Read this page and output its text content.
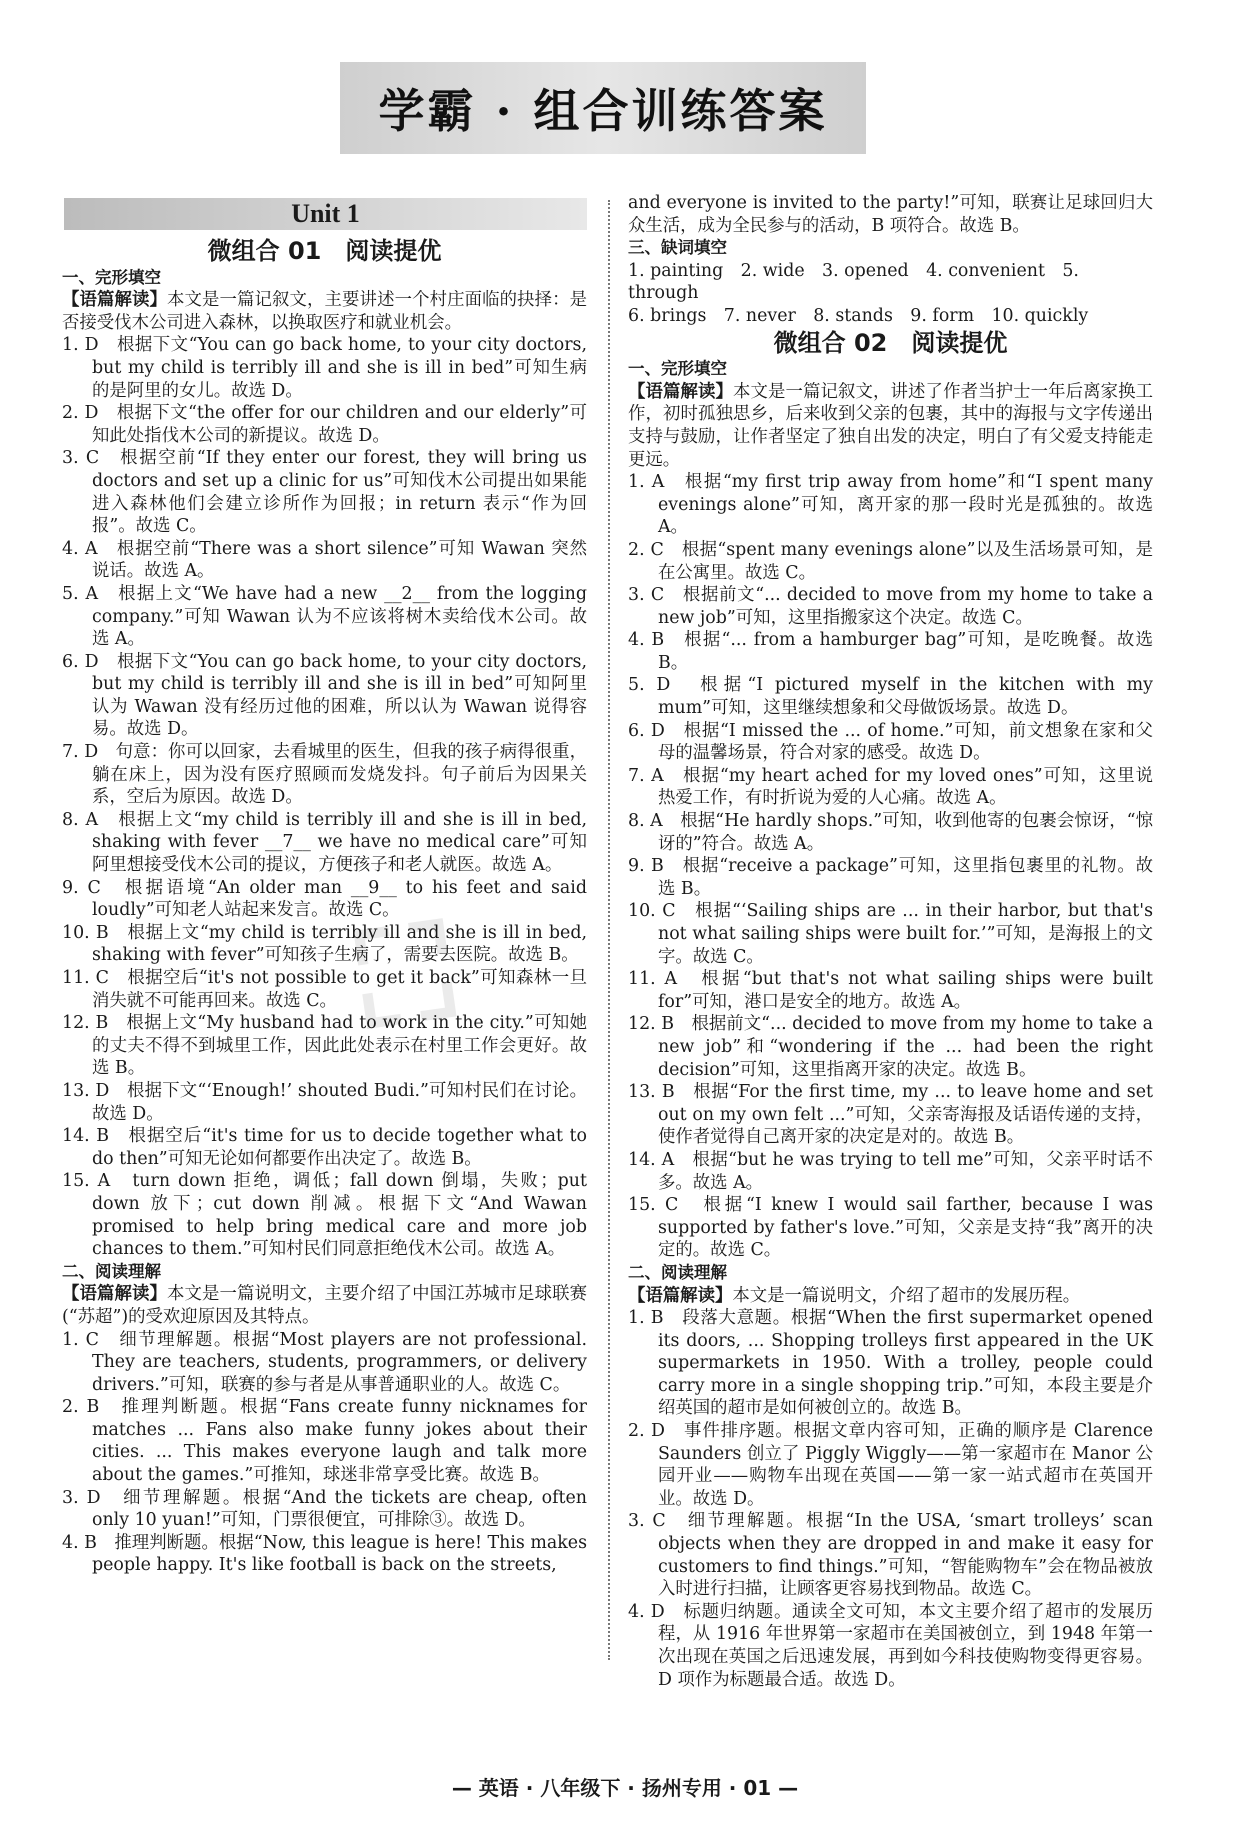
学霸 · 组合训练答案
Unit 1
微组合 01　阅读提优

一、完形填空

【语篇解读】本文是一篇记叙文，主要讲述一个村庄面临的抉择：是否接受伐木公司进入森林，以换取医疗和就业机会。

1. D　根据下文“You can go back home, to your city doctors, but my child is terribly ill and she is ill in bed”可知生病的是阿里的女儿。故选 D。

2. D　根据下文“the offer for our children and our elderly”可知此处指伐木公司的新提议。故选 D。

3. C　根据空前“If they enter our forest, they will bring us doctors and set up a clinic for us”可知伐木公司提出如果能进入森林他们会建立诊所作为回报；in return 表示“作为回报”。故选 C。

4. A　根据空前“There was a short silence”可知 Wawan 突然说话。故选 A。

5. A　根据上文“We have had a new __2__ from the logging company.”可知 Wawan 认为不应该将树木卖给伐木公司。故选 A。

6. D　根据下文“You can go back home, to your city doctors, but my child is terribly ill and she is ill in bed”可知阿里认为 Wawan 没有经历过他的困难，所以认为 Wawan 说得容易。故选 D。

7. D　句意：你可以回家，去看城里的医生，但我的孩子病得很重，躺在床上，因为没有医疗照顾而发烧发抖。句子前后为因果关系，空后为原因。故选 D。

8. A　根据上文“my child is terribly ill and she is ill in bed, shaking with fever __7__ we have no medical care”可知阿里想接受伐木公司的提议，方便孩子和老人就医。故选 A。

9. C　根据语境“An older man __9__ to his feet and said loudly”可知老人站起来发言。故选 C。

10. B　根据上文“my child is terribly ill and she is ill in bed, shaking with fever”可知孩子生病了，需要去医院。故选 B。

11. C　根据空后“it's not possible to get it back”可知森林一旦消失就不可能再回来。故选 C。

12. B　根据上文“My husband had to work in the city.”可知她的丈夫不得不到城里工作，因此此处表示在村里工作会更好。故选 B。

13. D　根据下文“‘Enough!’ shouted Budi.”可知村民们在讨论。故选 D。

14. B　根据空后“it's time for us to decide together what to do then”可知无论如何都要作出决定了。故选 B。

15. A　turn down 拒绝，调低；fall down 倒塌，失败；put down 放下；cut down 削减。根据下文“And Wawan promised to help bring medical care and more job chances to them.”可知村民们同意拒绝伐木公司。故选 A。

二、阅读理解

【语篇解读】本文是一篇说明文，主要介绍了中国江苏城市足球联赛(“苏超”)的受欢迎原因及其特点。

1. C　细节理解题。根据“Most players are not professional. They are teachers, students, programmers, or delivery drivers.”可知，联赛的参与者是从事普通职业的人。故选 C。

2. B　推理判断题。根据“Fans create funny nicknames for matches ... Fans also make funny jokes about their cities. ... This makes everyone laugh and talk more about the games.”可推知，球迷非常享受比赛。故选 B。

3. D　细节理解题。根据“And the tickets are cheap, often only 10 yuan!”可知，门票很便宜，可排除③。故选 D。

4. B　推理判断题。根据“Now, this league is here! This makes people happy. It's like football is back on the streets,

and everyone is invited to the party!”可知，联赛让足球回归大众生活，成为全民参与的活动，B 项符合。故选 B。

三、缺词填空

1. painting　2. wide　3. opened　4. convenient　5. through

6. brings　7. never　8. stands　9. form　10. quickly

微组合 02　阅读提优

一、完形填空

【语篇解读】本文是一篇记叙文，讲述了作者当护士一年后离家换工作，初时孤独思乡，后来收到父亲的包裹，其中的海报与文字传递出支持与鼓励，让作者坚定了独自出发的决定，明白了有父爱支持能走更远。

1. A　根据“my first trip away from home”和“I spent many evenings alone”可知，离开家的那一段时光是孤独的。故选 A。

2. C　根据“spent many evenings alone”以及生活场景可知，是在公寓里。故选 C。

3. C　根据前文“... decided to move from my home to take a new job”可知，这里指搬家这个决定。故选 C。

4. B　根据“... from a hamburger bag”可知，是吃晚餐。故选 B。

5. D　根据“I pictured myself in the kitchen with my mum”可知，这里继续想象和父母做饭场景。故选 D。

6. D　根据“I missed the ... of home.”可知，前文想象在家和父母的温馨场景，符合对家的感受。故选 D。

7. A　根据“my heart ached for my loved ones”可知，这里说热爱工作，有时折说为爱的人心痛。故选 A。

8. A　根据“He hardly shops.”可知，收到他寄的包裹会惊讶，“惊讶的”符合。故选 A。

9. B　根据“receive a package”可知，这里指包裹里的礼物。故选 B。

10. C　根据“‘Sailing ships are ... in their harbor, but that's not what sailing ships were built for.’”可知，是海报上的文字。故选 C。

11. A　根据“but that's not what sailing ships were built for”可知，港口是安全的地方。故选 A。

12. B　根据前文“... decided to move from my home to take a new job”和“wondering if the ... had been the right decision”可知，这里指离开家的决定。故选 B。

13. B　根据“For the first time, my ... to leave home and set out on my own felt ...”可知，父亲寄海报及话语传递的支持，使作者觉得自己离开家的决定是对的。故选 B。

14. A　根据“but he was trying to tell me”可知，父亲平时话不多。故选 A。

15. C　根据“I knew I would sail farther, because I was supported by father's love.”可知，父亲是支持“我”离开的决定的。故选 C。

二、阅读理解

【语篇解读】本文是一篇说明文，介绍了超市的发展历程。

1. B　段落大意题。根据“When the first supermarket opened its doors, ... Shopping trolleys first appeared in the UK supermarkets in 1950. With a trolley, people could carry more in a single shopping trip.”可知，本段主要是介绍英国的超市是如何被创立的。故选 B。

2. D　事件排序题。根据文章内容可知，正确的顺序是 Clarence Saunders 创立了 Piggly Wiggly——第一家超市在 Manor 公园开业——购物车出现在英国——第一家一站式超市在英国开业。故选 D。

3. C　细节理解题。根据“In the USA, ‘smart trolleys’ scan objects when they are dropped in and make it easy for customers to find things.”可知，“智能购物车”会在物品被放入时进行扫描，让顾客更容易找到物品。故选 C。

4. D　标题归纳题。通读全文可知，本文主要介绍了超市的发展历程，从 1916 年世界第一家超市在美国被创立，到 1948 年第一次出现在英国之后迅速发展，再到如今科技使购物变得更容易。D 项作为标题最合适。故选 D。

⛶
— 英语 · 八年级下 · 扬州专用 · 01 —
